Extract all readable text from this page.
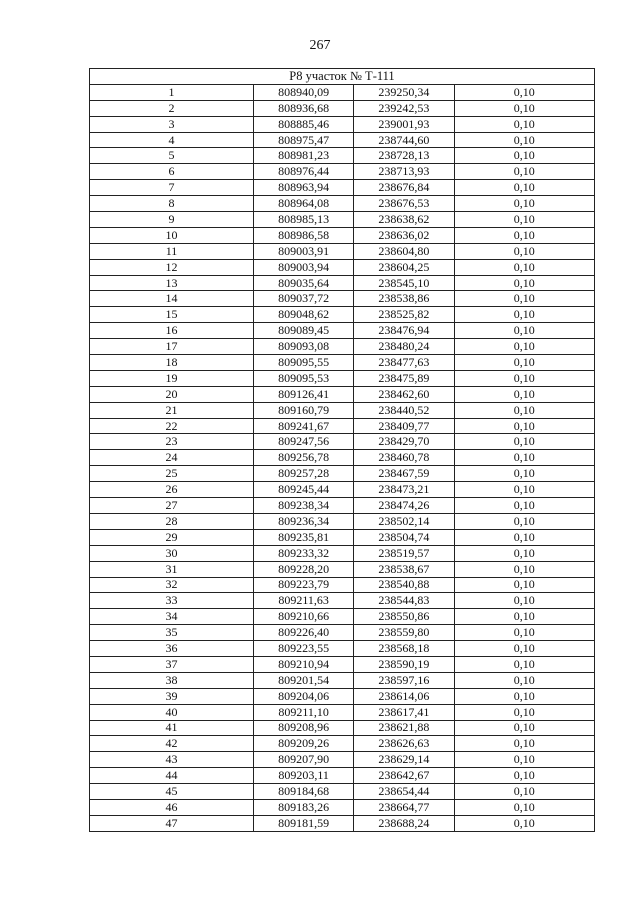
267
Р8 участок № Т-111			
1	808940,09	239250,34	0,10
2	808936,68	239242,53	0,10
3	808885,46	239001,93	0,10
4	808975,47	238744,60	0,10
5	808981,23	238728,13	0,10
6	808976,44	238713,93	0,10
7	808963,94	238676,84	0,10
8	808964,08	238676,53	0,10
9	808985,13	238638,62	0,10
10	808986,58	238636,02	0,10
11	809003,91	238604,80	0,10
12	809003,94	238604,25	0,10
13	809035,64	238545,10	0,10
14	809037,72	238538,86	0,10
15	809048,62	238525,82	0,10
16	809089,45	238476,94	0,10
17	809093,08	238480,24	0,10
18	809095,55	238477,63	0,10
19	809095,53	238475,89	0,10
20	809126,41	238462,60	0,10
21	809160,79	238440,52	0,10
22	809241,67	238409,77	0,10
23	809247,56	238429,70	0,10
24	809256,78	238460,78	0,10
25	809257,28	238467,59	0,10
26	809245,44	238473,21	0,10
27	809238,34	238474,26	0,10
28	809236,34	238502,14	0,10
29	809235,81	238504,74	0,10
30	809233,32	238519,57	0,10
31	809228,20	238538,67	0,10
32	809223,79	238540,88	0,10
33	809211,63	238544,83	0,10
34	809210,66	238550,86	0,10
35	809226,40	238559,80	0,10
36	809223,55	238568,18	0,10
37	809210,94	238590,19	0,10
38	809201,54	238597,16	0,10
39	809204,06	238614,06	0,10
40	809211,10	238617,41	0,10
41	809208,96	238621,88	0,10
42	809209,26	238626,63	0,10
43	809207,90	238629,14	0,10
44	809203,11	238642,67	0,10
45	809184,68	238654,44	0,10
46	809183,26	238664,77	0,10
47	809181,59	238688,24	0,10
